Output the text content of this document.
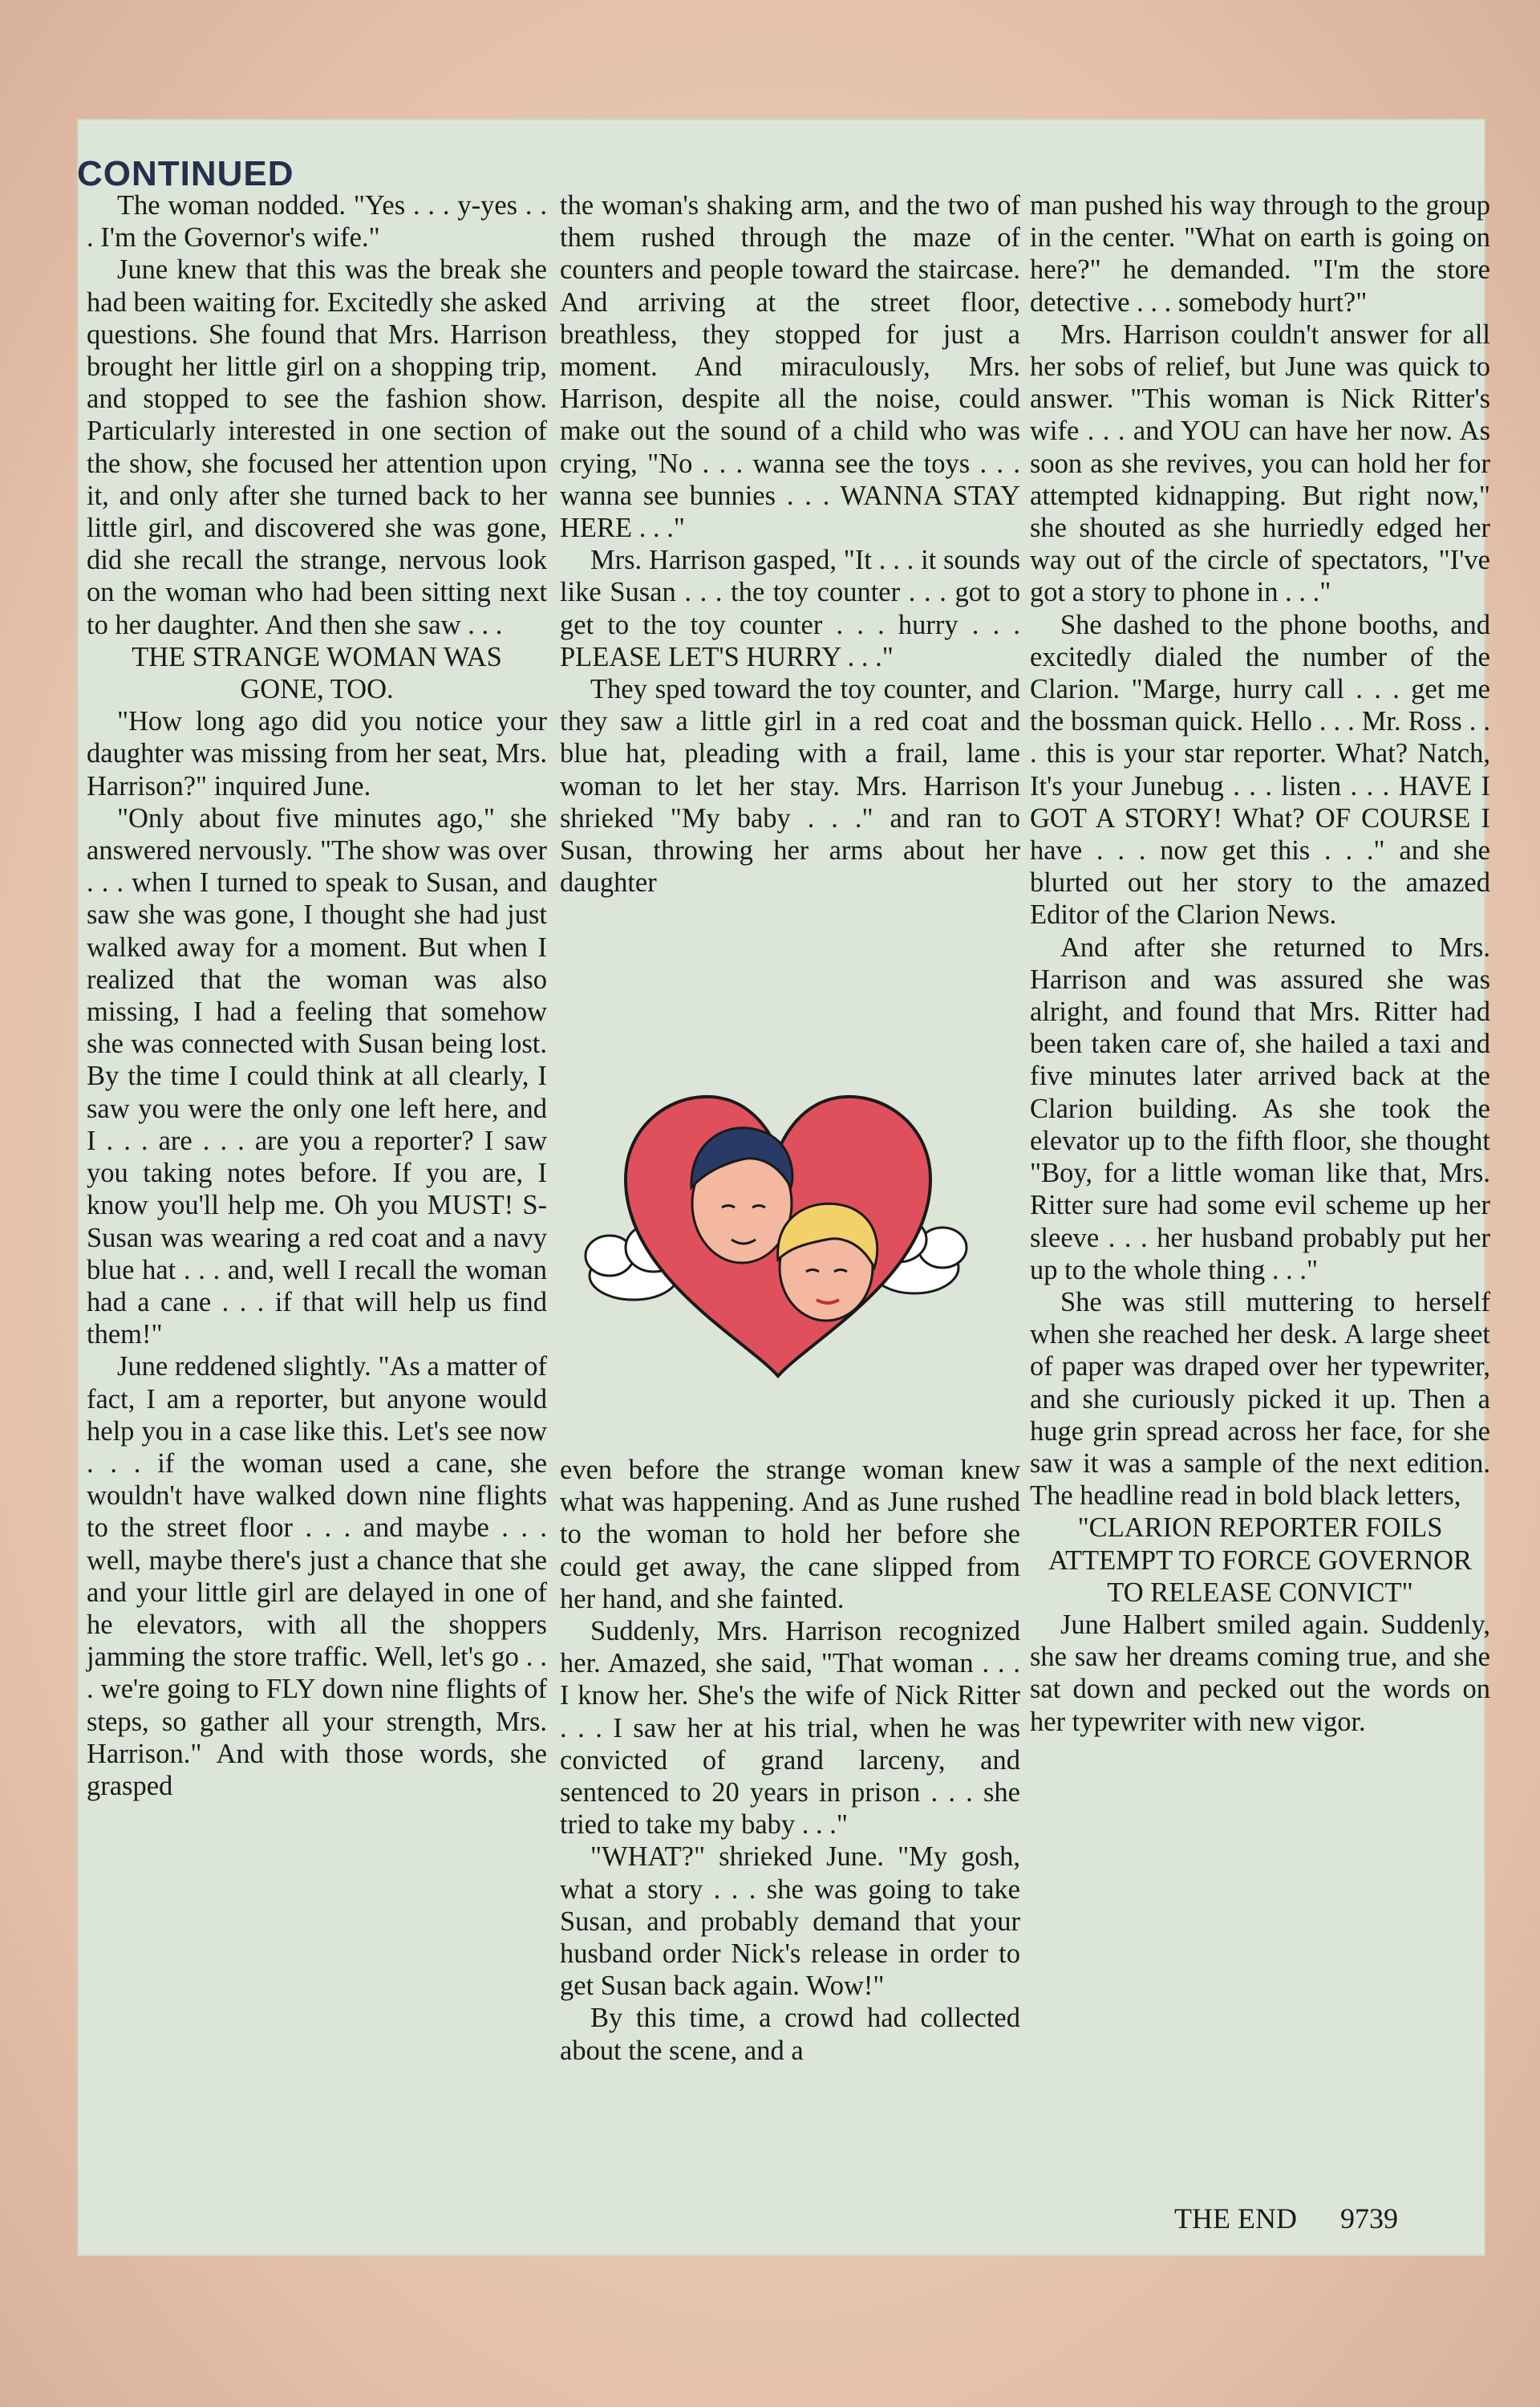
CONTINUED

The woman nodded. "Yes . . . y-yes . . . I'm the Governor's wife."

June knew that this was the break she had been waiting for. Excitedly she asked questions. She found that Mrs. Harrison brought her little girl on a shopping trip, and stopped to see the fashion show. Particularly interested in one section of the show, she focused her attention upon it, and only after she turned back to her little girl, and discovered she was gone, did she recall the strange, nervous look on the woman who had been sitting next to her daughter. And then she saw . . .

THE STRANGE WOMAN WAS GONE, TOO.

"How long ago did you notice your daughter was missing from her seat, Mrs. Harrison?" inquired June.

"Only about five minutes ago," she answered nervously. "The show was over . . . when I turned to speak to Susan, and saw she was gone, I thought she had just walked away for a moment. But when I realized that the woman was also missing, I had a feeling that somehow she was connected with Susan being lost. By the time I could think at all clearly, I saw you were the only one left here, and I . . . are . . . are you a reporter? I saw you taking notes before. If you are, I know you'll help me. Oh you MUST! S-Susan was wearing a red coat and a navy blue hat . . . and, well I recall the woman had a cane . . . if that will help us find them!"

June reddened slightly. "As a matter of fact, I am a reporter, but anyone would help you in a case like this. Let's see now . . . if the woman used a cane, she wouldn't have walked down nine flights to the street floor . . . and maybe . . . well, maybe there's just a chance that she and your little girl are delayed in one of he elevators, with all the shoppers jamming the store traffic. Well, let's go . . . we're going to FLY down nine flights of steps, so gather all your strength, Mrs. Harrison." And with those words, she grasped

the woman's shaking arm, and the two of them rushed through the maze of counters and people toward the staircase. And arriving at the street floor, breathless, they stopped for just a moment. And miraculously, Mrs. Harrison, despite all the noise, could make out the sound of a child who was crying, "No . . . wanna see the toys . . . wanna see bunnies . . . WANNA STAY HERE . . ."

Mrs. Harrison gasped, "It . . . it sounds like Susan . . . the toy counter . . . got to get to the toy counter . . . hurry . . . PLEASE LET'S HURRY . . ."

They sped toward the toy counter, and they saw a little girl in a red coat and blue hat, pleading with a frail, lame woman to let her stay. Mrs. Harrison shrieked "My baby . . ." and ran to Susan, throwing her arms about her daughter

even before the strange woman knew what was happening. And as June rushed to the woman to hold her before she could get away, the cane slipped from her hand, and she fainted.

Suddenly, Mrs. Harrison recognized her. Amazed, she said, "That woman . . . I know her. She's the wife of Nick Ritter . . . I saw her at his trial, when he was convicted of grand larceny, and sentenced to 20 years in prison . . . she tried to take my baby . . ."

"WHAT?" shrieked June. "My gosh, what a story . . . she was going to take Susan, and probably demand that your husband order Nick's release in order to get Susan back again. Wow!"

By this time, a crowd had collected about the scene, and a

man pushed his way through to the group in the center. "What on earth is going on here?" he demanded. "I'm the store detective . . . somebody hurt?"

Mrs. Harrison couldn't answer for all her sobs of relief, but June was quick to answer. "This woman is Nick Ritter's wife . . . and YOU can have her now. As soon as she revives, you can hold her for attempted kidnapping. But right now," she shouted as she hurriedly edged her way out of the circle of spectators, "I've got a story to phone in . . ."

She dashed to the phone booths, and excitedly dialed the number of the Clarion. "Marge, hurry call . . . get me the bossman quick. Hello . . . Mr. Ross . . . this is your star reporter. What? Natch, It's your Junebug . . . listen . . . HAVE I GOT A STORY! What? OF COURSE I have . . . now get this . . ." and she blurted out her story to the amazed Editor of the Clarion News.

And after she returned to Mrs. Harrison and was assured she was alright, and found that Mrs. Ritter had been taken care of, she hailed a taxi and five minutes later arrived back at the Clarion building. As she took the elevator up to the fifth floor, she thought "Boy, for a little woman like that, Mrs. Ritter sure had some evil scheme up her sleeve . . . her husband probably put her up to the whole thing . . ."

She was still muttering to herself when she reached her desk. A large sheet of paper was draped over her typewriter, and she curiously picked it up. Then a huge grin spread across her face, for she saw it was a sample of the next edition. The headline read in bold black letters,

"CLARION REPORTER FOILS ATTEMPT TO FORCE GOVERNOR TO RELEASE CONVICT"

June Halbert smiled again. Suddenly, she saw her dreams coming true, and she sat down and pecked out the words on her typewriter with new vigor.

THE END 9739
